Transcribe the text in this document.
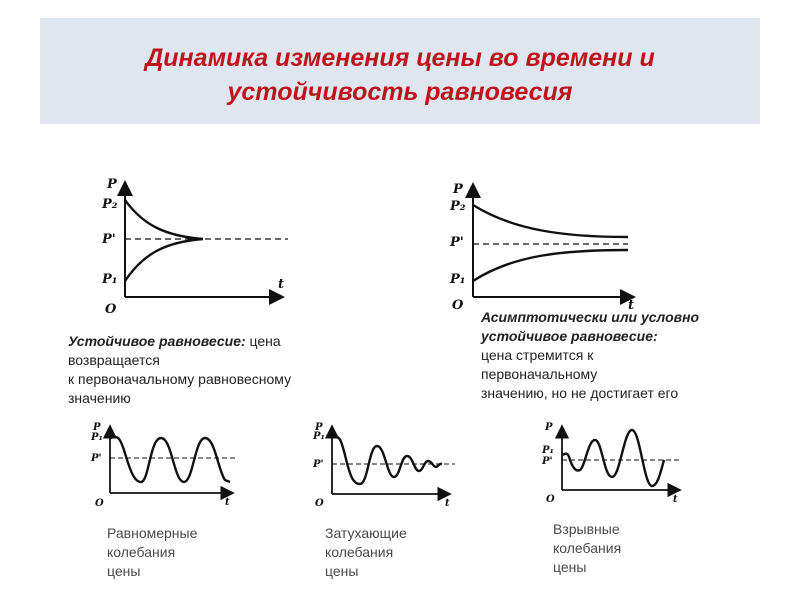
Динамика изменения цены во времени и
устойчивость равновесия
P
P₂
P'
P₁
O
t
P
P₂
P'
P₁
O	t
Устойчивое равновесие: цена
возвращается
к первоначальному равновесному
значению
Асимптотически или условно
устойчивое равновесие:
цена стремится к
первоначальному
значению, но не достигает его
P
P₁
P'
O	t
P
P₁
P'
O	t
P
P₁
P'
O	t
Равномерные
колебания
цены
Затухающие
колебания
цены
Взрывные
колебания
цены
